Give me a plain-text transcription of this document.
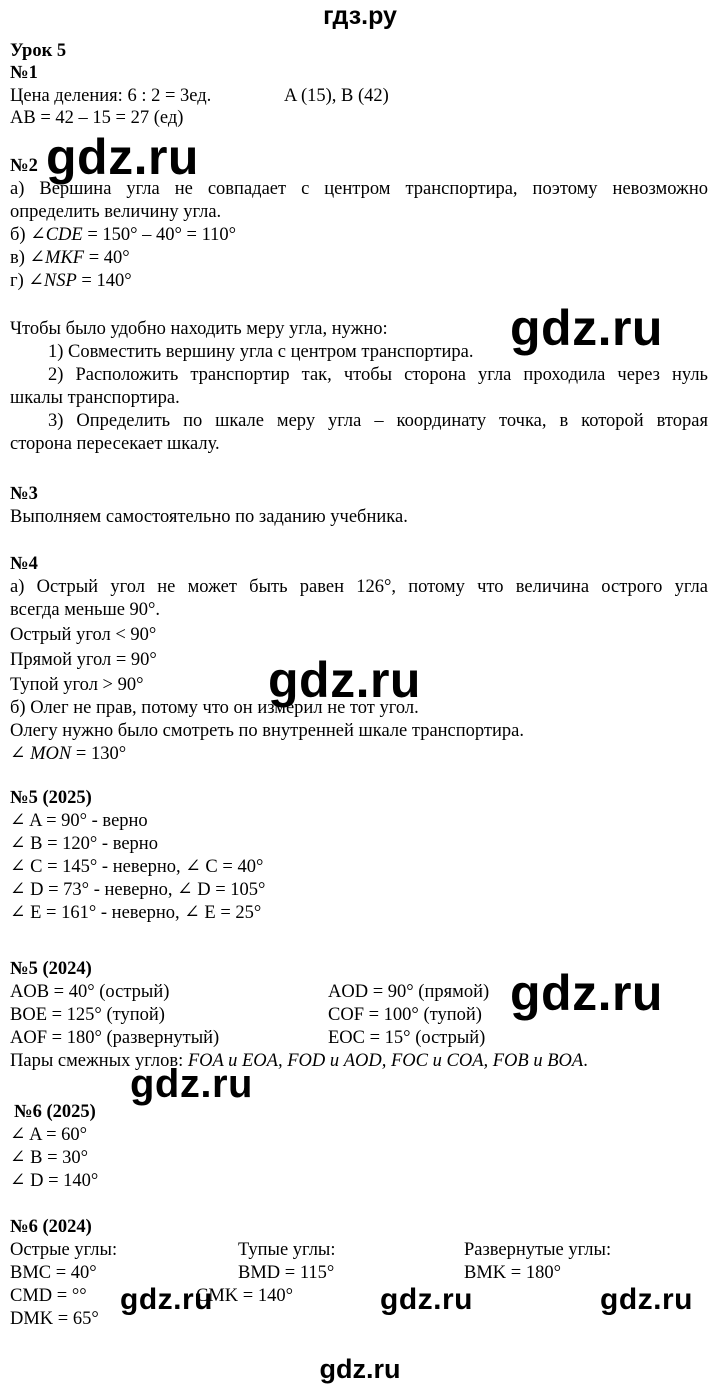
гдз.ру
Урок 5
№1
Цена деления: 6 : 2 = 3ед.	A (15), B (42)
AB = 42 – 15 = 27 (ед)
№2
а) Вершина угла не совпадает с центром транспортира, поэтому невозможно
определить величину угла.
б) ∠CDE = 150° – 40° = 110°
в) ∠MKF = 40°
г) ∠NSP = 140°
Чтобы было удобно находить меру угла, нужно:
1) Совместить вершину угла с центром транспортира.
2) Расположить транспортир так, чтобы сторона угла проходила через нуль
шкалы транспортира.
3) Определить по шкале меру угла – координату точка, в которой вторая
сторона пересекает шкалу.
№3
Выполняем самостоятельно по заданию учебника.
№4
а) Острый угол не может быть равен 126°, потому что величина острого угла
всегда меньше 90°.
Острый угол < 90°
Прямой угол = 90°
Тупой угол > 90°
б) Олег не прав, потому что он измерил не тот угол.
Олегу нужно было смотреть по внутренней шкале транспортира.
∠ MON = 130°
№5 (2025)
∠ A = 90° - верно
∠ B = 120° - верно
∠ C = 145° - неверно, ∠ C = 40°
∠ D = 73° - неверно, ∠ D = 105°
∠ E = 161° - неверно, ∠ E = 25°
№5 (2024)
AOB = 40° (острый)	AOD = 90° (прямой)
BOE = 125° (тупой)	COF = 100° (тупой)
AOF = 180° (развернутый)	EOC = 15° (острый)
Пары смежных углов: FOA и EOA, FOD и AOD, FOC и COA, FOB и BOA.
№6 (2025)
∠ A = 60°
∠ B = 30°
∠ D = 140°
№6 (2024)
Острые углы:	Тупые углы:	Развернутые углы:
BMC = 40°	BMD = 115°	BMK = 180°
CMD = °°	CMK = 140°
DMK = 65°
gdz.ru
gdz.ru
gdz.ru
gdz.ru
gdz.ru
gdz.ru	gdz.ru	gdz.ru
gdz.ru
